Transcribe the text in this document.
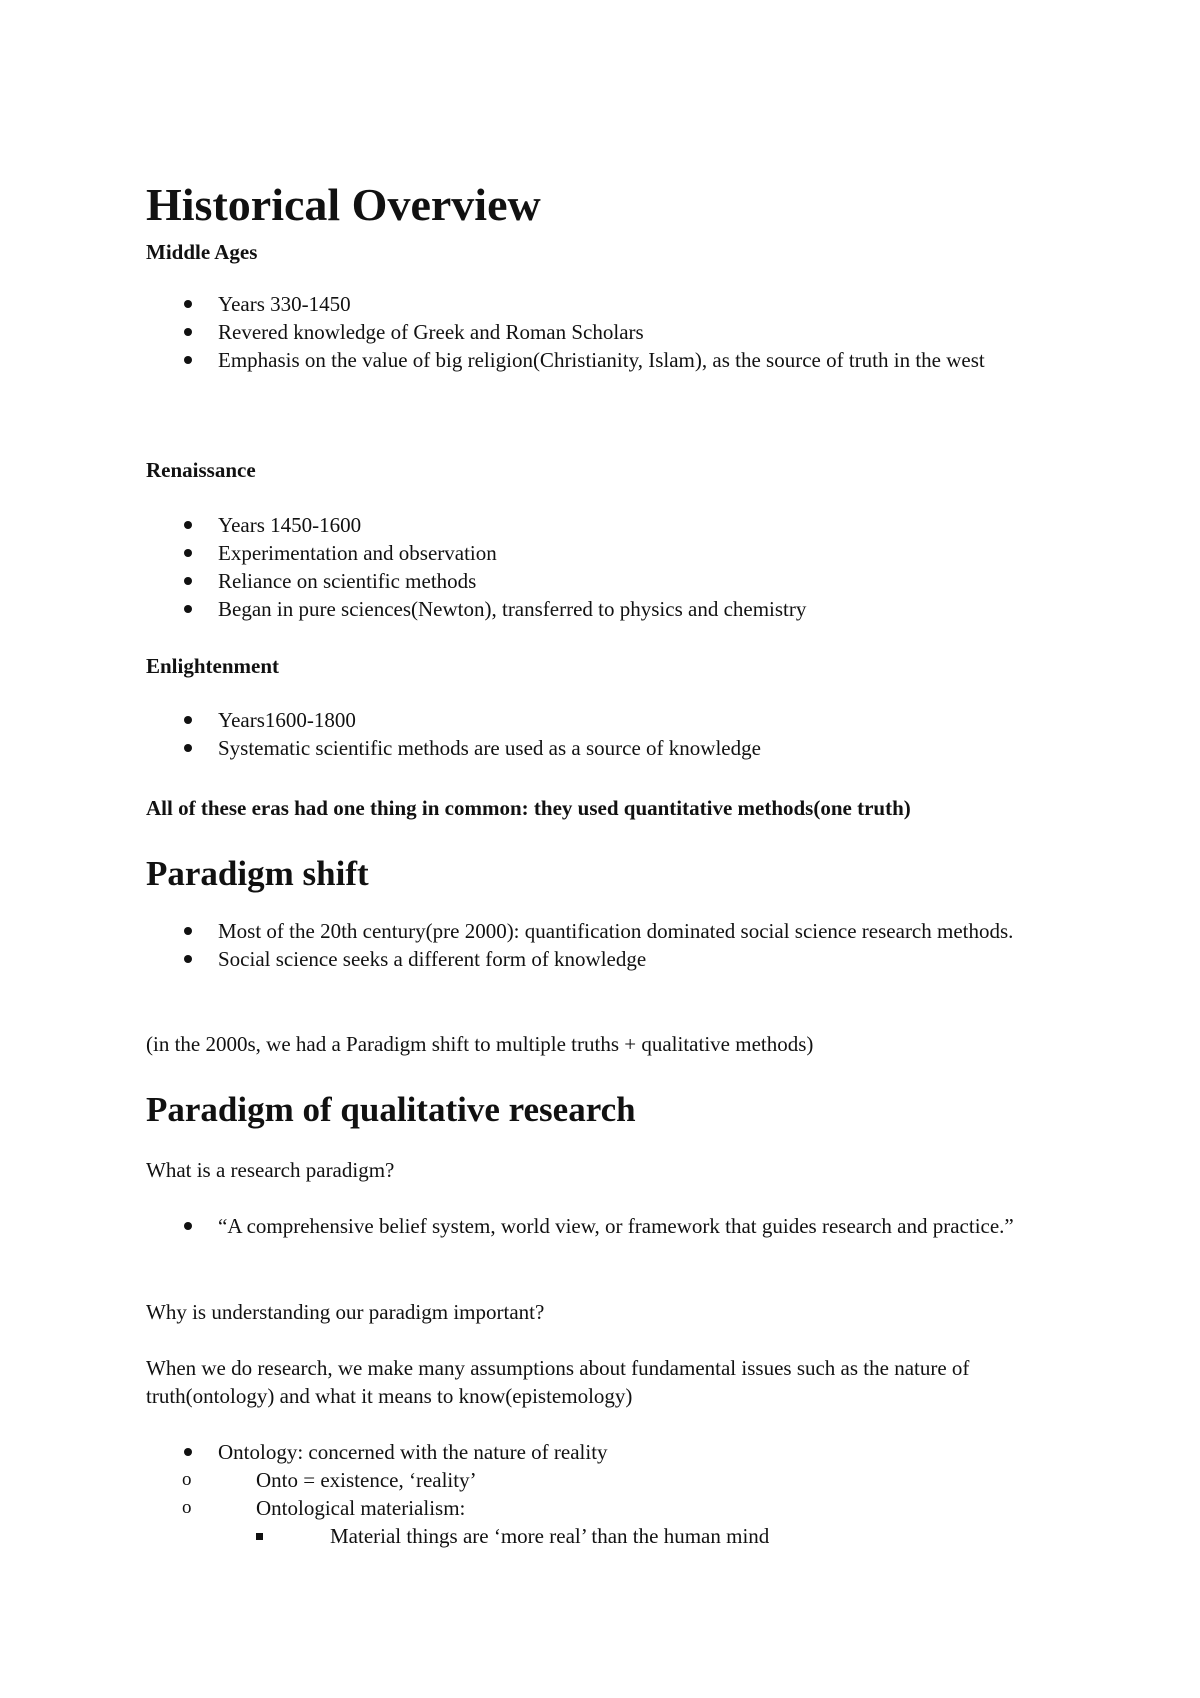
Historical Overview
Middle Ages
Years 330-1450
Revered knowledge of Greek and Roman Scholars
Emphasis on the value of big religion(Christianity, Islam), as the source of truth in the west
Renaissance
Years 1450-1600
Experimentation and observation
Reliance on scientific methods
Began in pure sciences(Newton), transferred to physics and chemistry
Enlightenment
Years1600-1800
Systematic scientific methods are used as a source of knowledge
All of these eras had one thing in common: they used quantitative methods(one truth)
Paradigm shift
Most of the 20th century(pre 2000): quantification dominated social science research methods.
Social science seeks a different form of knowledge
(in the 2000s, we had a Paradigm shift to multiple truths + qualitative methods)
Paradigm of qualitative research
What is a research paradigm?
“A comprehensive belief system, world view, or framework that guides research and practice.”
Why is understanding our paradigm important?
When we do research, we make many assumptions about fundamental issues such as the nature of truth(ontology) and what it means to know(epistemology)
Ontology: concerned with the nature of reality
o	Onto = existence, ‘reality’
o	Ontological materialism:
Material things are ‘more real’ than the human mind
